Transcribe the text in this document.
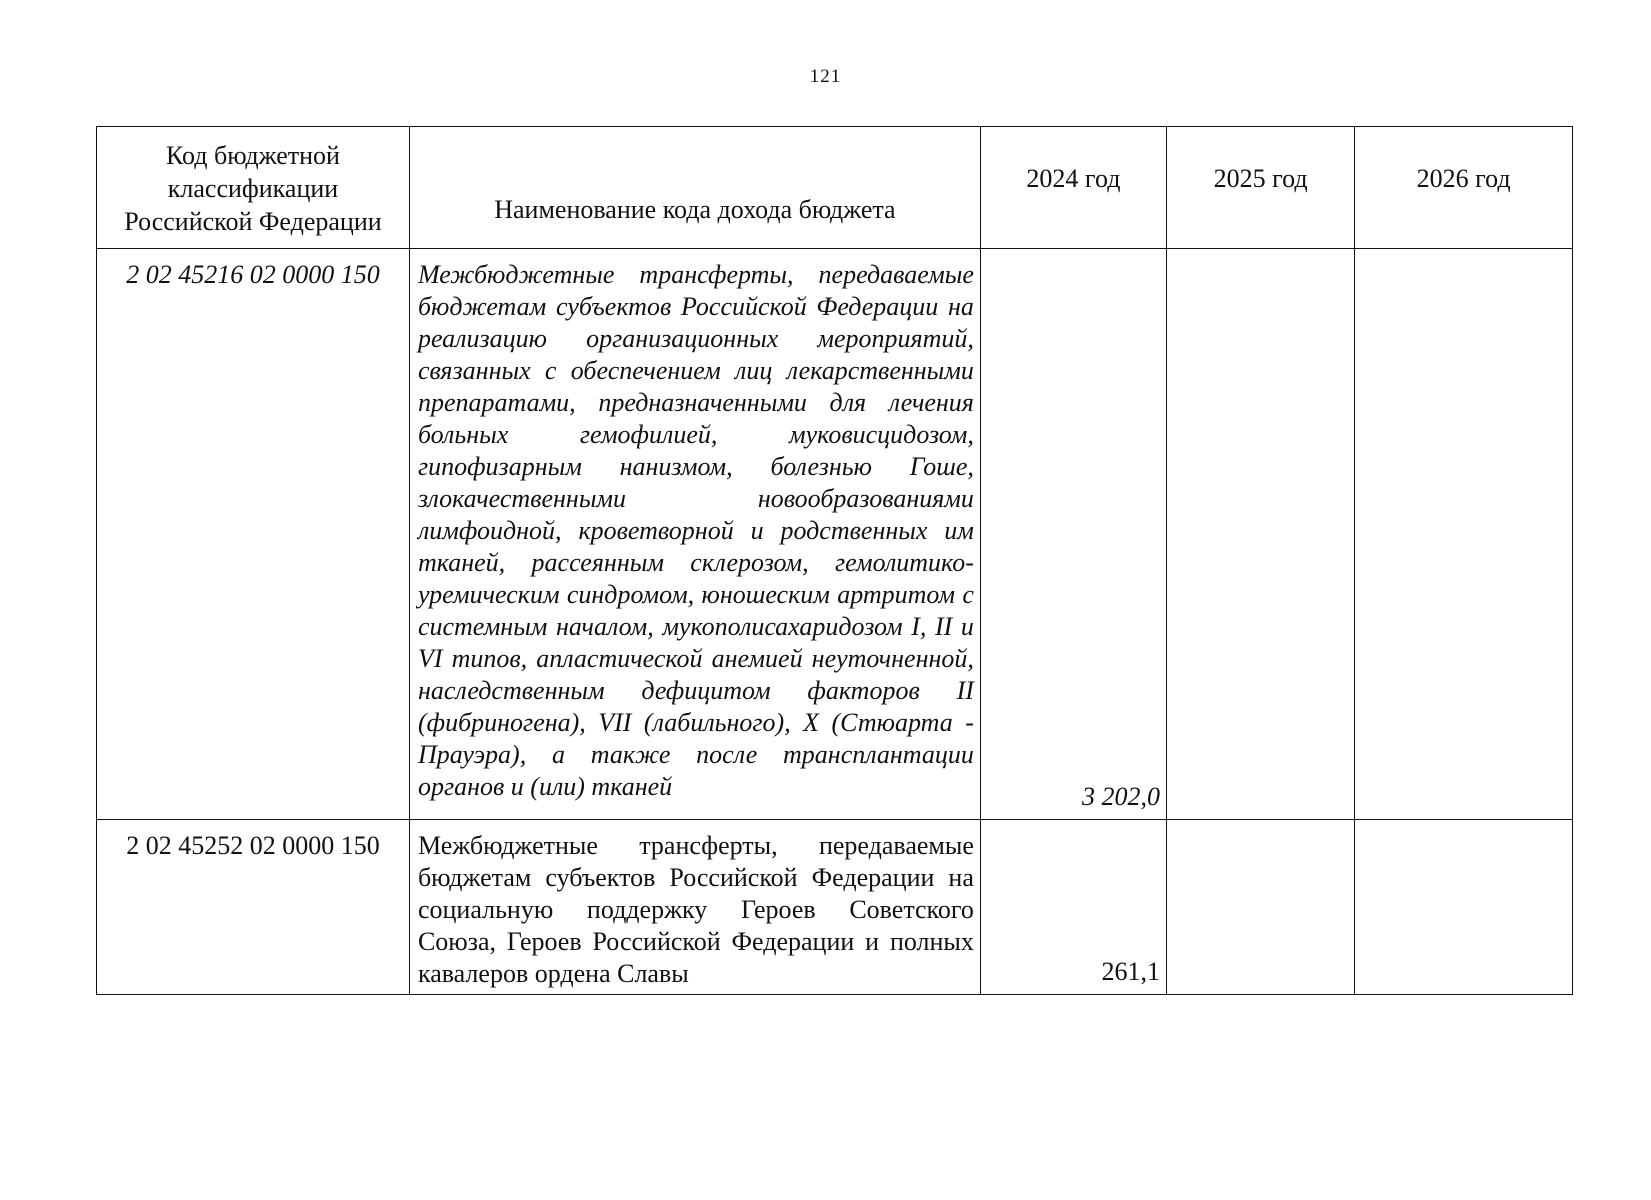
121
Код бюджетной классификации Российской Федерации	Наименование кода дохода бюджета	2024 год	2025 год	2026 год

2 02 45216 02 0000 150	Межбюджетные трансферты, передаваемые бюджетам субъектов Российской Федерации на реализацию организационных мероприятий, связанных с обеспечением лиц лекарственными препаратами, предназначенными для лечения больных гемофилией, муковисцидозом, гипофизарным нанизмом, болезнью Гоше, злокачественными новообразованиями лимфоидной, кроветворной и родственных им тканей, рассеянным склерозом, гемолитико-уремическим синдромом, юношеским артритом с системным началом, мукополисахаридозом I, II и VI типов, апластической анемией неуточненной, наследственным дефицитом факторов II (фибриногена), VII (лабильного), X (Стюарта - Прауэра), а также после трансплантации органов и (или) тканей	3 202,0		
2 02 45252 02 0000 150	Межбюджетные трансферты, передаваемые бюджетам субъектов Российской Федерации на социальную поддержку Героев Советского Союза, Героев Российской Федерации и полных кавалеров ордена Славы	261,1		
